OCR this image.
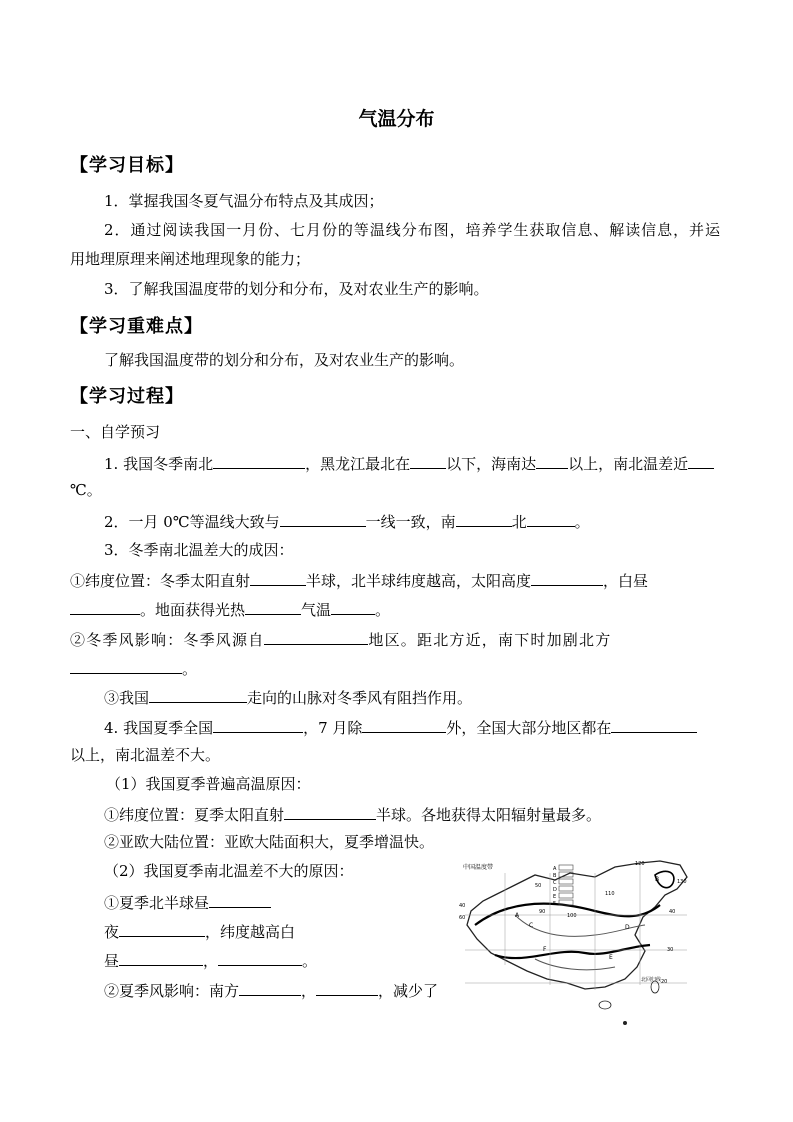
气温分布
【学习目标】
1．掌握我国冬夏气温分布特点及其成因；
2．通过阅读我国一月份、七月份的等温线分布图，培养学生获取信息、解读信息，并运
用地理原理来阐述地理现象的能力；
3．了解我国温度带的划分和分布，及对农业生产的影响。
【学习重难点】
了解我国温度带的划分和分布，及对农业生产的影响。
【学习过程】
一、自学预习
1. 我国冬季南北	，黑龙江最北在 以下，海南达 以上，南北温差近
℃。
2．一月 0℃等温线大致与	一线一致，南	北	。
3．冬季南北温差大的成因：
①纬度位置：冬季太阳直射	半球，北半球纬度越高，太阳高度	，白昼
。地面获得光热	气温	。
②冬季风影响：冬季风源自	地区。距北方近，南下时加剧北方
。
③我国	走向的山脉对冬季风有阻挡作用。
4. 我国夏季全国	，7 月除	外，全国大部分地区都在
以上，南北温差不大。
（1）我国夏季普遍高温原因：
①纬度位置：夏季太阳直射	半球。各地获得太阳辐射量最多。
②亚欧大陆位置：亚欧大陆面积大，夏季增温快。
（2）我国夏季南北温差不大的原因：
①夏季北半球昼
夜	，纬度越高白
昼	，	。
②夏季风影响：南方	，	，减少了
中国温度带	A
B
C
D
E
F
120
130
40
50
60
90
100
110
40
30
20
A
B
C	D
E
F
北回归线
